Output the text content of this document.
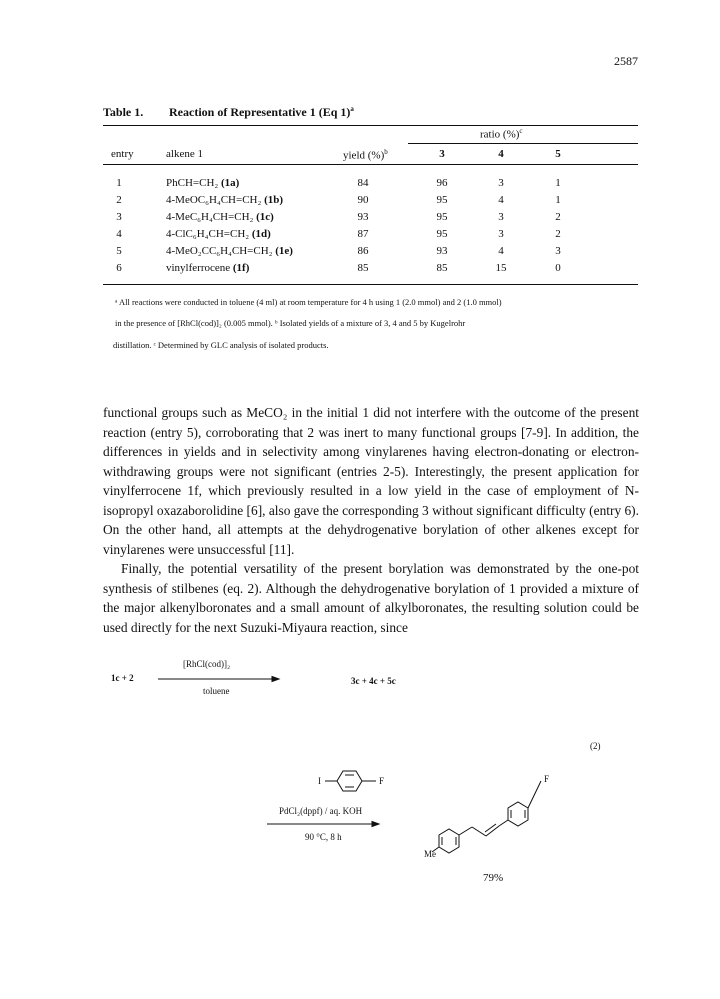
2587
Table 1. Reaction of Representative 1 (Eq 1)$^a$
ratio (%)$^c$
entry	alkene 1	yield (%)$^b$	3	4	5
1	PhCH=CH₂ (1a)	84	96	3	1
2	4-MeOC₆H₄CH=CH₂ (1b)	90	95	4	1
3	4-MeC₆H₄CH=CH₂ (1c)	93	95	3	2
4	4-ClC₆H₄CH=CH₂ (1d)	87	95	3	2
5	4-MeO₂CC₆H₄CH=CH₂ (1e)	86	93	4	3
6	vinylferrocene (1f)	85	85	15	0
ᵃ All reactions were conducted in toluene (4 ml) at room temperature for 4 h using 1 (2.0 mmol) and 2 (1.0 mmol)
in the presence of [RhCl(cod)]₂ (0.005 mmol). ᵇ Isolated yields of a mixture of 3, 4 and 5 by Kugelrohr
distillation. ᶜ Determined by GLC analysis of isolated products.

functional groups such as MeCO₂ in the initial 1 did not interfere with the outcome of the present reaction (entry 5), corroborating that 2 was inert to many functional groups [7-9]. In addition, the differences in yields and in selectivity among vinylarenes having electron-donating or electron-withdrawing groups were not significant (entries 2-5). Interestingly, the present application for vinylferrocene 1f, which previously resulted in a low yield in the case of employment of N-isopropyl oxazaborolidine [6], also gave the corresponding 3 without significant difficulty (entry 6). On the other hand, all attempts at the dehydrogenative borylation of other alkenes except for vinylarenes were unsuccessful [11].

Finally, the potential versatility of the present borylation was demonstrated by the one-pot synthesis of stilbenes (eq. 2). Although the dehydrogenative borylation of 1 provided a mixture of the major alkenylboronates and a small amount of alkylboronates, the resulting solution could be used directly for the next Suzuki-Miyaura reaction, since

1c + 2
[RhCl(cod)]₂
toluene
3c + 4c + 5c
(2)
I	F
PdCl₂(dppf) / aq. KOH
90 °C, 8 h
Me
F
79%
